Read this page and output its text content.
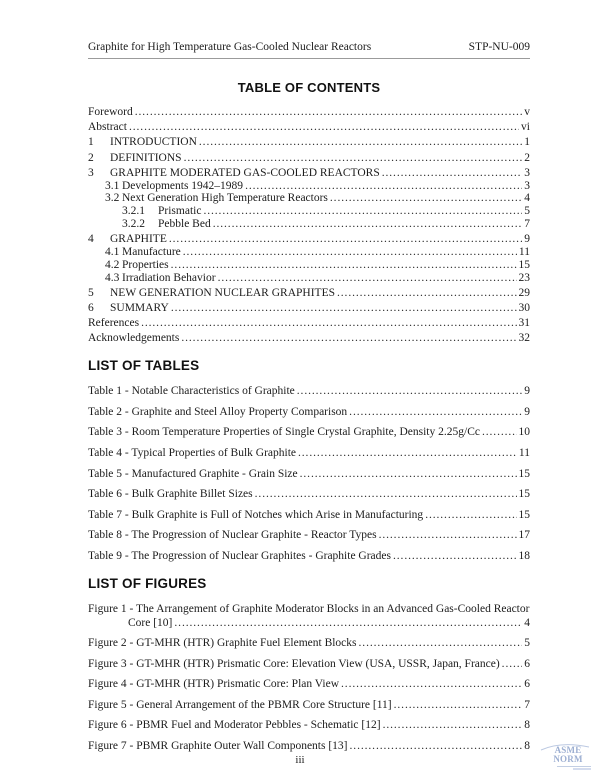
Graphite for High Temperature Gas-Cooled Nuclear Reactors	STP-NU-009
TABLE OF CONTENTS
Foreword .....	v
Abstract .....	vi
1	INTRODUCTION .....	1
2	DEFINITIONS .....	2
3	GRAPHITE MODERATED GAS-COOLED REACTORS .....	3
3.1 Developments 1942–1989 .....	3
3.2 Next Generation High Temperature Reactors .....	4
3.2.1	Prismatic .....	5
3.2.2	Pebble Bed .....	7
4	GRAPHITE .....	9
4.1 Manufacture .....	11
4.2 Properties .....	15
4.3 Irradiation Behavior .....	23
5	NEW GENERATION NUCLEAR GRAPHITES .....	29
6	SUMMARY .....	30
References .....	31
Acknowledgements .....	32
LIST OF TABLES
Table 1 - Notable Characteristics of Graphite .....	9
Table 2 - Graphite and Steel Alloy Property Comparison .....	9
Table 3 - Room Temperature Properties of Single Crystal Graphite, Density 2.25g/Cc .....	10
Table 4 - Typical Properties of Bulk Graphite .....	11
Table 5 - Manufactured Graphite - Grain Size .....	15
Table 6 - Bulk Graphite Billet Sizes .....	15
Table 7 - Bulk Graphite is Full of Notches which Arise in Manufacturing .....	15
Table 8 - The Progression of Nuclear Graphite - Reactor Types .....	17
Table 9 - The Progression of Nuclear Graphites - Graphite Grades .....	18
LIST OF FIGURES
Figure 1 - The Arrangement of Graphite Moderator Blocks in an Advanced Gas-Cooled Reactor
Core [10] .....	4
Figure 2 - GT-MHR (HTR) Graphite Fuel Element Blocks .....	5
Figure 3 - GT-MHR (HTR) Prismatic Core: Elevation View (USA, USSR, Japan, France) ..... 6
Figure 4 - GT-MHR (HTR) Prismatic Core: Plan View .....	6
Figure 5 - General Arrangement of the PBMR Core Structure [11] .....	7
Figure 6 - PBMR Fuel and Moderator Pebbles - Schematic [12] .....	8
Figure 7 - PBMR Graphite Outer Wall Components [13] .....	8
iii
ASME NORM
